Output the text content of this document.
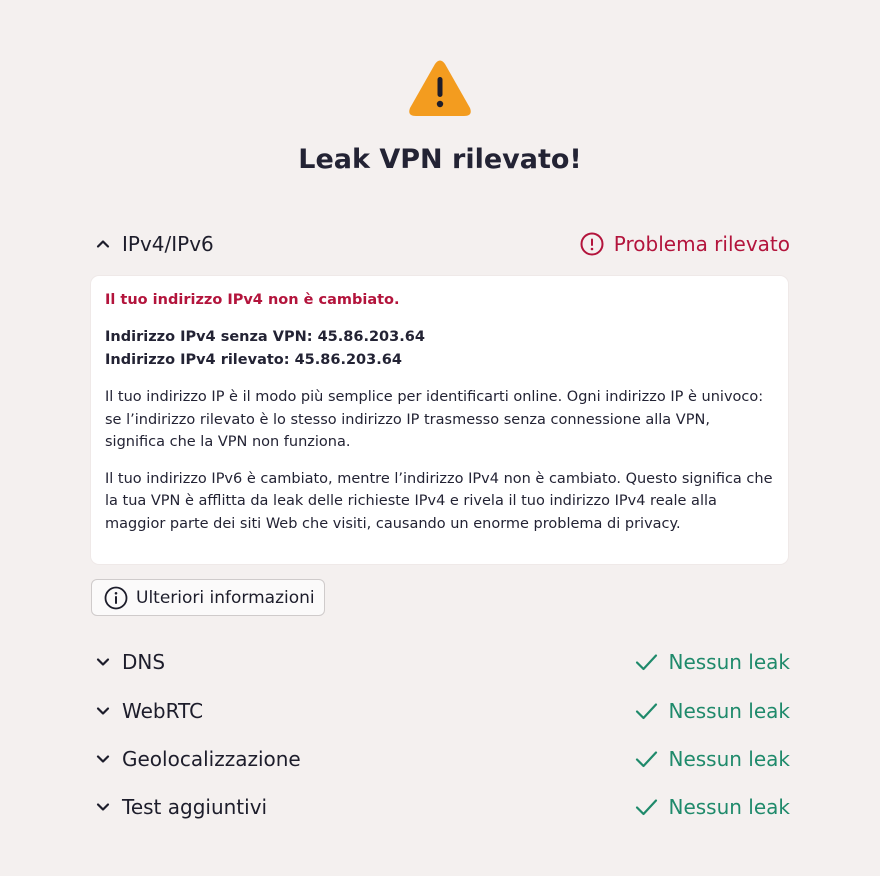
Leak VPN rilevato!
IPv4/IPv6	Problema rilevato

Il tuo indirizzo IPv4 non è cambiato.

Indirizzo IPv4 senza VPN: 45.86.203.64

Indirizzo IPv4 rilevato: 45.86.203.64

Il tuo indirizzo IP è il modo più semplice per identificarti online. Ogni indirizzo IP è univoco: se l’indirizzo rilevato è lo stesso indirizzo IP trasmesso senza connessione alla VPN, significa che la VPN non funziona.

Il tuo indirizzo IPv6 è cambiato, mentre l’indirizzo IPv4 non è cambiato. Questo significa che la tua VPN è afflitta da leak delle richieste IPv4 e rivela il tuo indirizzo IPv4 reale alla maggior parte dei siti Web che visiti, causando un enorme problema di privacy.

Ulteriori informazioni
DNS	Nessun leak
WebRTC	Nessun leak
Geolocalizzazione	Nessun leak
Test aggiuntivi	Nessun leak
